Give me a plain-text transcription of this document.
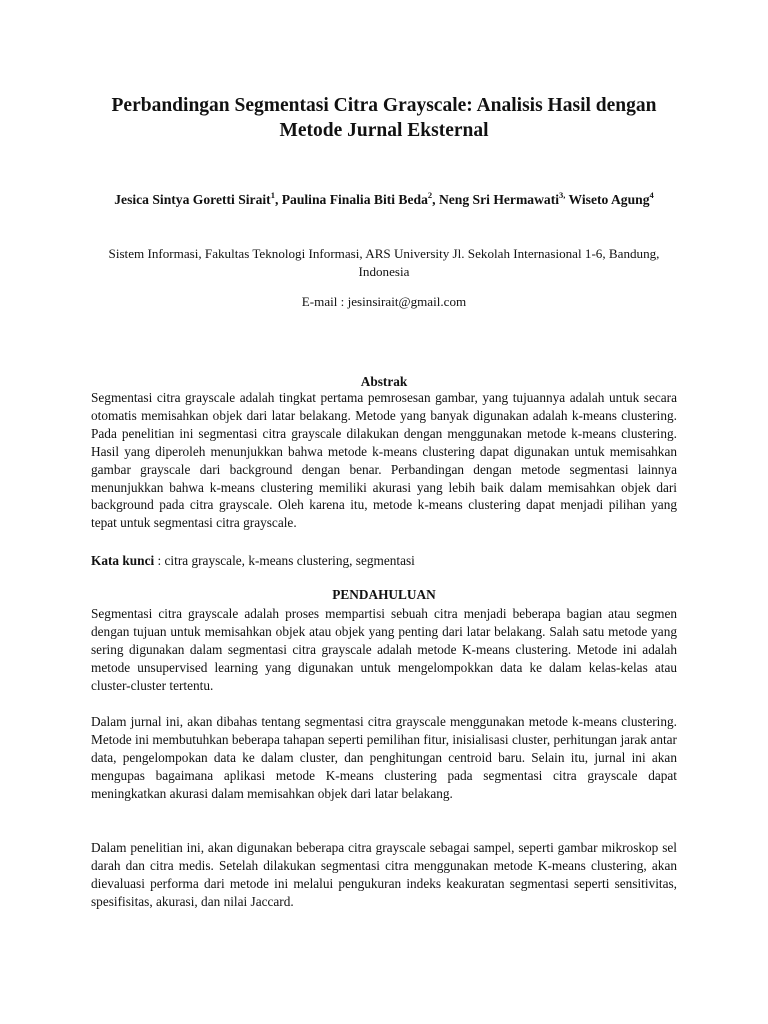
Perbandingan Segmentasi Citra Grayscale: Analisis Hasil dengan
Metode Jurnal Eksternal

Jesica Sintya Goretti Sirait$^1$, Paulina Finalia Biti Beda$^2$, Neng Sri Hermawati$^{3,}$ Wiseto Agung$^4$

Sistem Informasi, Fakultas Teknologi Informasi, ARS University Jl. Sekolah Internasional 1-6, Bandung, Indonesia

E-mail : jesinsirait@gmail.com

Abstrak

Segmentasi citra grayscale adalah tingkat pertama pemrosesan gambar, yang tujuannya adalah untuk secara otomatis memisahkan objek dari latar belakang. Metode yang banyak digunakan adalah k-means clustering. Pada penelitian ini segmentasi citra grayscale dilakukan dengan menggunakan metode k-means clustering. Hasil yang diperoleh menunjukkan bahwa metode k-means clustering dapat digunakan untuk memisahkan gambar grayscale dari background dengan benar. Perbandingan dengan metode segmentasi lainnya menunjukkan bahwa k-means clustering memiliki akurasi yang lebih baik dalam memisahkan objek dari background pada citra grayscale. Oleh karena itu, metode k-means clustering dapat menjadi pilihan yang tepat untuk segmentasi citra grayscale.

Kata kunci : citra grayscale, k-means clustering, segmentasi

PENDAHULUAN

Segmentasi citra grayscale adalah proses mempartisi sebuah citra menjadi beberapa bagian atau segmen dengan tujuan untuk memisahkan objek atau objek yang penting dari latar belakang. Salah satu metode yang sering digunakan dalam segmentasi citra grayscale adalah metode K-means clustering. Metode ini adalah metode unsupervised learning yang digunakan untuk mengelompokkan data ke dalam kelas-kelas atau cluster-cluster tertentu.

Dalam jurnal ini, akan dibahas tentang segmentasi citra grayscale menggunakan metode k-means clustering. Metode ini membutuhkan beberapa tahapan seperti pemilihan fitur, inisialisasi cluster, perhitungan jarak antar data, pengelompokan data ke dalam cluster, dan penghitungan centroid baru. Selain itu, jurnal ini akan mengupas bagaimana aplikasi metode K-means clustering pada segmentasi citra grayscale dapat meningkatkan akurasi dalam memisahkan objek dari latar belakang.

Dalam penelitian ini, akan digunakan beberapa citra grayscale sebagai sampel, seperti gambar mikroskop sel darah dan citra medis. Setelah dilakukan segmentasi citra menggunakan metode K-means clustering, akan dievaluasi performa dari metode ini melalui pengukuran indeks keakuratan segmentasi seperti sensitivitas, spesifisitas, akurasi, dan nilai Jaccard.
